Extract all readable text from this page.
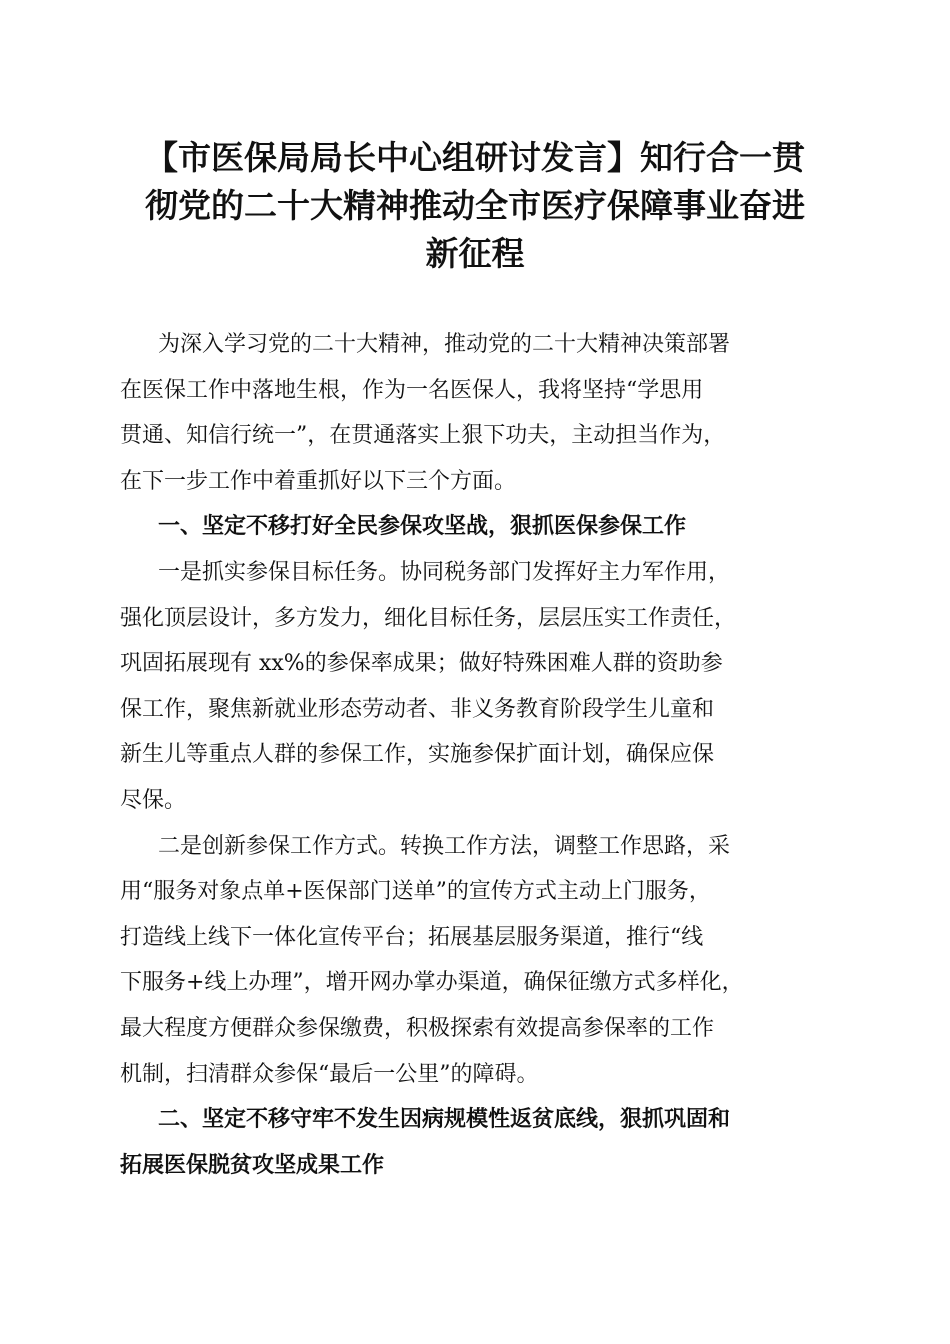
【市医保局局长中心组研讨发言】知行合一贯
彻党的二十大精神推动全市医疗保障事业奋进
新征程
为深入学习党的二十大精神，推动党的二十大精神决策部署
在医保工作中落地生根，作为一名医保人，我将坚持“学思用
贯通、知信行统一”，在贯通落实上狠下功夫，主动担当作为，
在下一步工作中着重抓好以下三个方面。
一、坚定不移打好全民参保攻坚战，狠抓医保参保工作
一是抓实参保目标任务。协同税务部门发挥好主力军作用，
强化顶层设计，多方发力，细化目标任务，层层压实工作责任，
巩固拓展现有 xx%的参保率成果；做好特殊困难人群的资助参
保工作，聚焦新就业形态劳动者、非义务教育阶段学生儿童和
新生儿等重点人群的参保工作，实施参保扩面计划，确保应保
尽保。
二是创新参保工作方式。转换工作方法，调整工作思路，采
用“服务对象点单+医保部门送单”的宣传方式主动上门服务，
打造线上线下一体化宣传平台；拓展基层服务渠道，推行“线
下服务+线上办理”，增开网办掌办渠道，确保征缴方式多样化，
最大程度方便群众参保缴费，积极探索有效提高参保率的工作
机制，扫清群众参保“最后一公里”的障碍。
二、坚定不移守牢不发生因病规模性返贫底线，狠抓巩固和
拓展医保脱贫攻坚成果工作
